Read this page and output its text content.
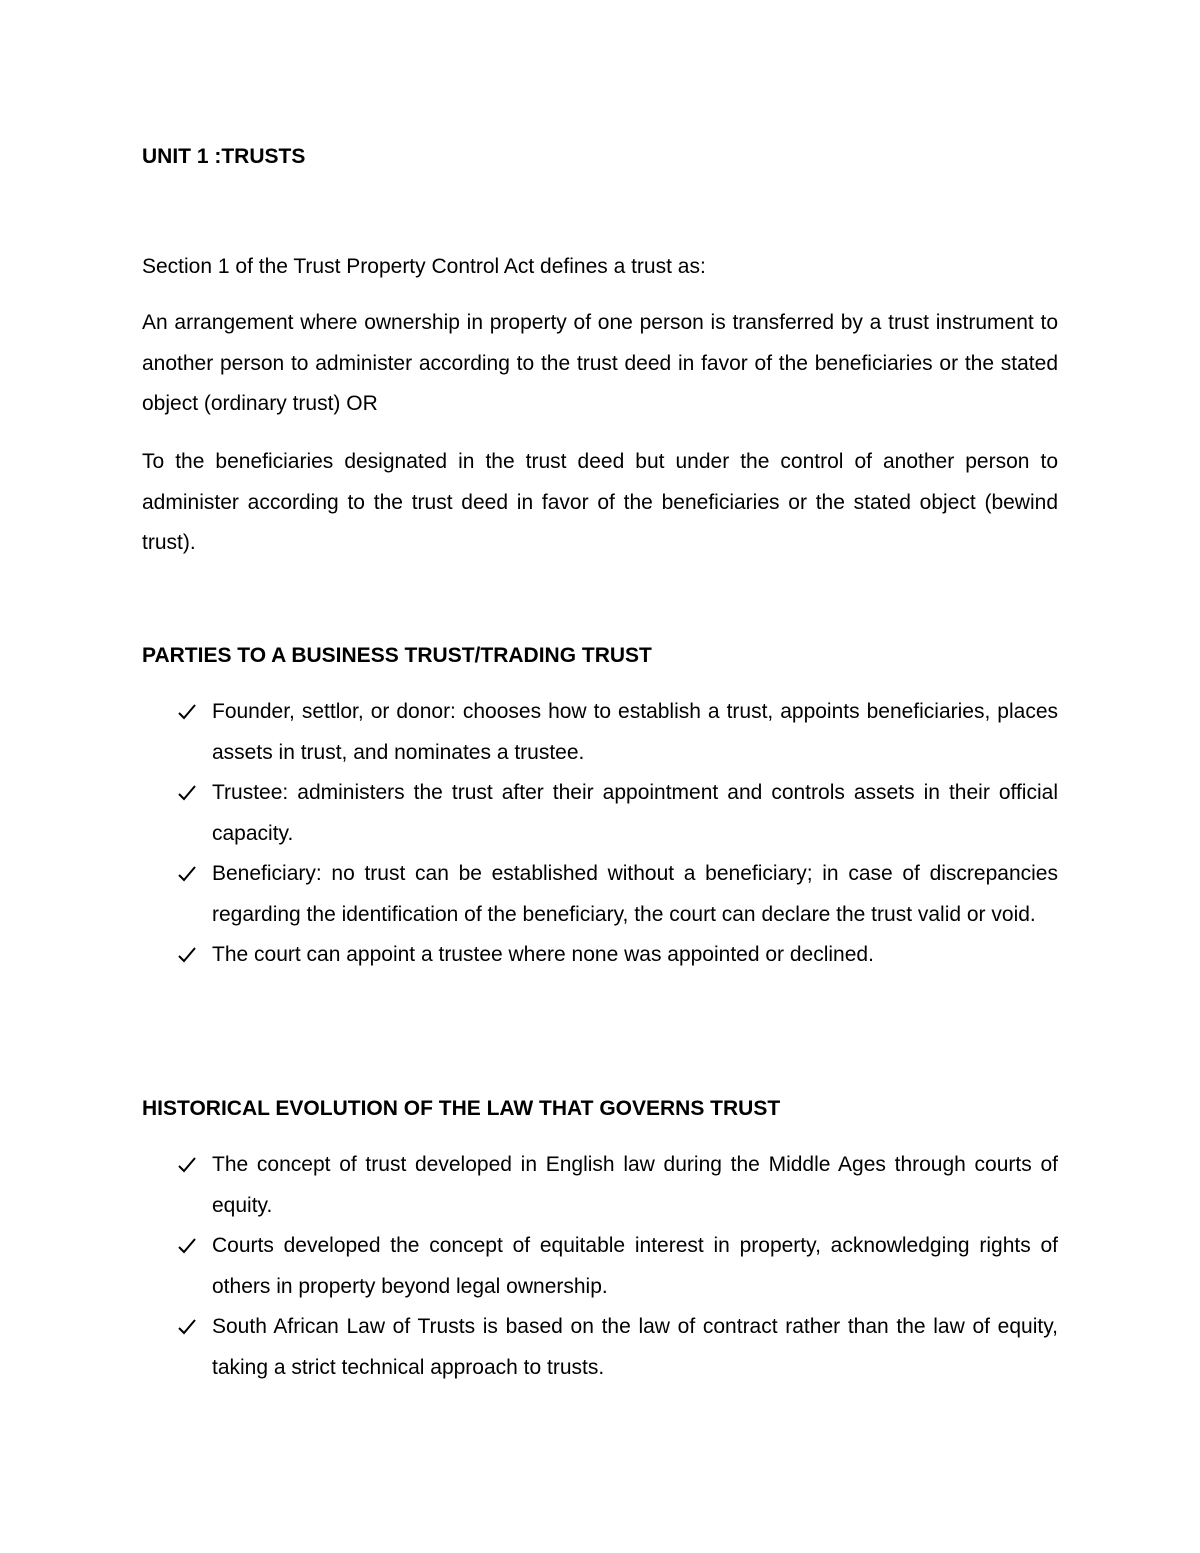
UNIT 1 :TRUSTS
Section 1 of the Trust Property Control Act defines a trust as:
An arrangement where ownership in property of one person is transferred by a trust instrument to another person to administer according to the trust deed in favor of the beneficiaries or the stated object (ordinary trust) OR
To the beneficiaries designated in the trust deed but under the control of another person to administer according to the trust deed in favor of the beneficiaries or the stated object (bewind trust).
PARTIES TO A BUSINESS TRUST/TRADING TRUST
Founder, settlor, or donor: chooses how to establish a trust, appoints beneficiaries, places assets in trust, and nominates a trustee.
Trustee: administers the trust after their appointment and controls assets in their official capacity.
Beneficiary: no trust can be established without a beneficiary; in case of discrepancies regarding the identification of the beneficiary, the court can declare the trust valid or void.
The court can appoint a trustee where none was appointed or declined.
HISTORICAL EVOLUTION OF THE LAW THAT GOVERNS TRUST
The concept of trust developed in English law during the Middle Ages through courts of equity.
Courts developed the concept of equitable interest in property, acknowledging rights of others in property beyond legal ownership.
South African Law of Trusts is based on the law of contract rather than the law of equity, taking a strict technical approach to trusts.
